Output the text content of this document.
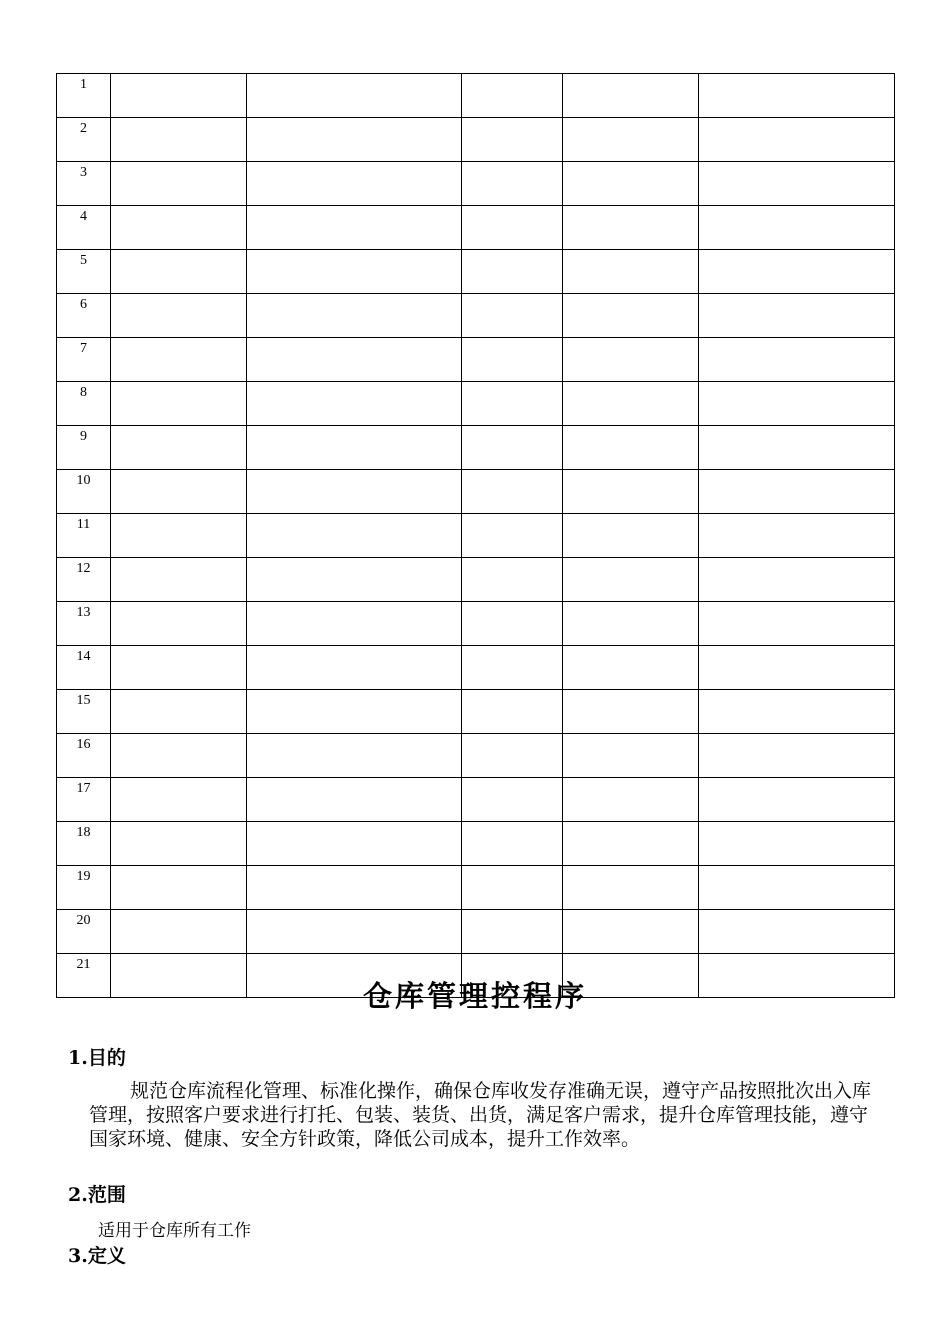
1					
2					
3					
4					
5					
6					
7					
8					
9					
10					
11					
12					
13					
14					
15					
16					
17					
18					
19					
20					
21					
仓库管理控程序
1.目的

规范仓库流程化管理、标准化操作，确保仓库收发存准确无误，遵守产品按照批次出入库管理，按照客户要求进行打托、包装、装货、出货，满足客户需求，提升仓库管理技能，遵守国家环境、健康、安全方针政策，降低公司成本，提升工作效率。

2.范围

适用于仓库所有工作

3.定义
